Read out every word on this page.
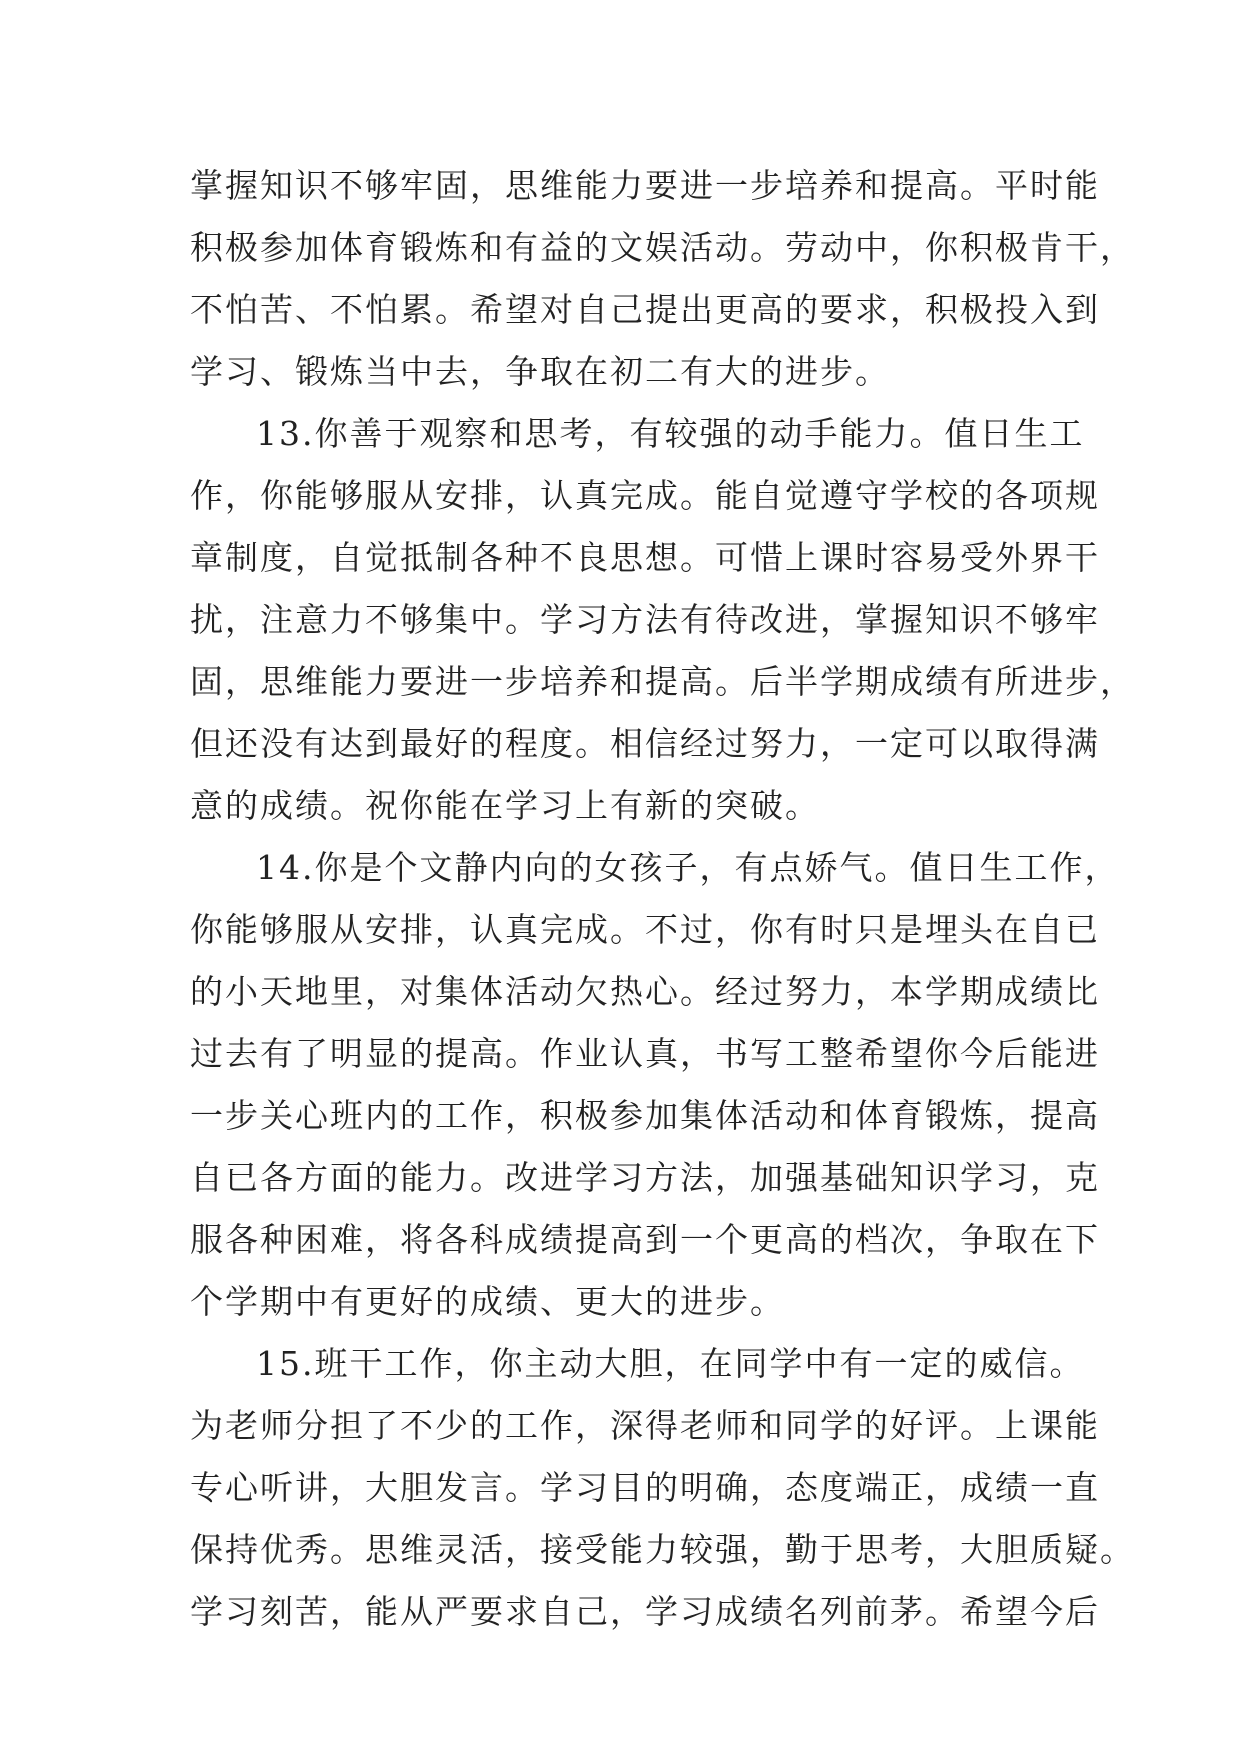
掌握知识不够牢固，思维能力要进一步培养和提高。平时能
积极参加体育锻炼和有益的文娱活动。劳动中，你积极肯干，
不怕苦、不怕累。希望对自己提出更高的要求，积极投入到
学习、锻炼当中去，争取在初二有大的进步。
13.你善于观察和思考，有较强的动手能力。值日生工
作，你能够服从安排，认真完成。能自觉遵守学校的各项规
章制度，自觉抵制各种不良思想。可惜上课时容易受外界干
扰，注意力不够集中。学习方法有待改进，掌握知识不够牢
固，思维能力要进一步培养和提高。后半学期成绩有所进步，
但还没有达到最好的程度。相信经过努力，一定可以取得满
意的成绩。祝你能在学习上有新的突破。
14.你是个文静内向的女孩子，有点娇气。值日生工作，
你能够服从安排，认真完成。不过，你有时只是埋头在自已
的小天地里，对集体活动欠热心。经过努力，本学期成绩比
过去有了明显的提高。作业认真，书写工整希望你今后能进
一步关心班内的工作，积极参加集体活动和体育锻炼，提高
自已各方面的能力。改进学习方法，加强基础知识学习，克
服各种困难，将各科成绩提高到一个更高的档次，争取在下
个学期中有更好的成绩、更大的进步。
15.班干工作，你主动大胆，在同学中有一定的威信。
为老师分担了不少的工作，深得老师和同学的好评。上课能
专心听讲，大胆发言。学习目的明确，态度端正，成绩一直
保持优秀。思维灵活，接受能力较强，勤于思考，大胆质疑。
学习刻苦，能从严要求自己，学习成绩名列前茅。希望今后
